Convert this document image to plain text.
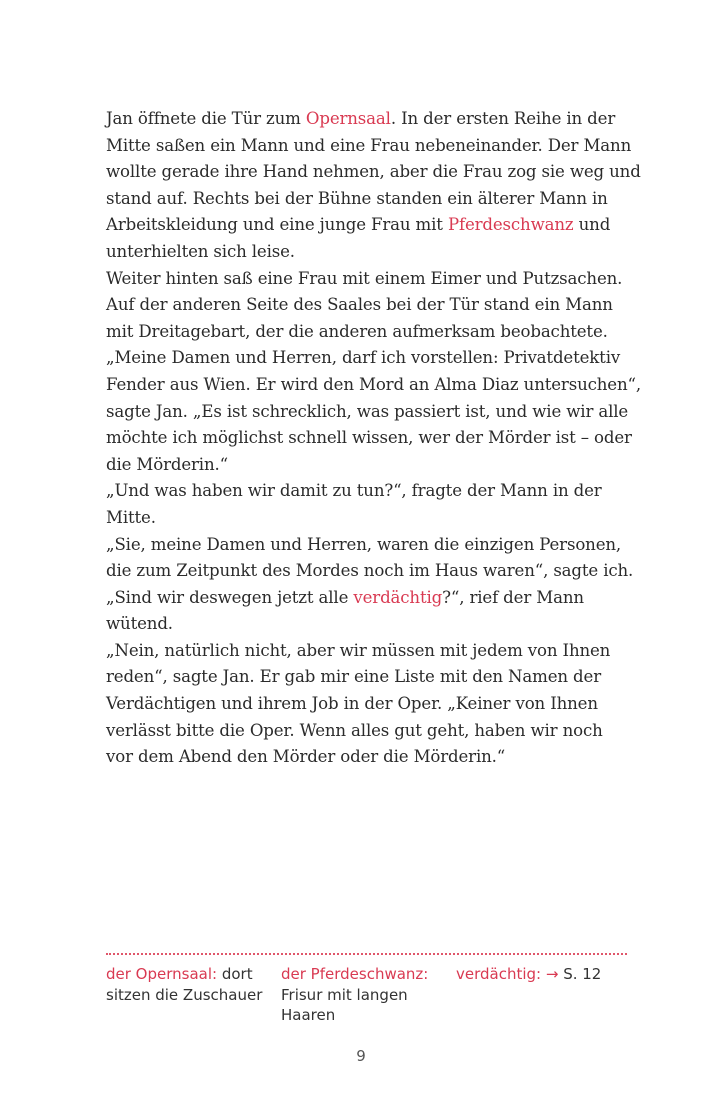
Jan öffnete die Tür zum Opernsaal. In der ersten Reihe in der

Mitte saßen ein Mann und eine Frau nebeneinander. Der Mann

wollte gerade ihre Hand nehmen, aber die Frau zog sie weg und

stand auf. Rechts bei der Bühne standen ein älterer Mann in

Arbeitskleidung und eine junge Frau mit Pferdeschwanz und

unterhielten sich leise.

Weiter hinten saß eine Frau mit einem Eimer und Putzsachen.

Auf der anderen Seite des Saales bei der Tür stand ein Mann

mit Dreitagebart, der die anderen aufmerksam beobachtete.

„Meine Damen und Herren, darf ich vorstellen: Privatdetektiv

Fender aus Wien. Er wird den Mord an Alma Diaz untersuchen“,

sagte Jan. „Es ist schrecklich, was passiert ist, und wie wir alle

möchte ich möglichst schnell wissen, wer der Mörder ist – oder

die Mörderin.“

„Und was haben wir damit zu tun?“, fragte der Mann in der

Mitte.

„Sie, meine Damen und Herren, waren die einzigen Personen,

die zum Zeitpunkt des Mordes noch im Haus waren“, sagte ich.

„Sind wir deswegen jetzt alle verdächtig?“, rief der Mann

wütend.

„Nein, natürlich nicht, aber wir müssen mit jedem von Ihnen

reden“, sagte Jan. Er gab mir eine Liste mit den Namen der

Verdächtigen und ihrem Job in der Oper. „Keiner von Ihnen

verlässt bitte die Oper. Wenn alles gut geht, haben wir noch

vor dem Abend den Mörder oder die Mörderin.“

der Opernsaal: dort sitzen die Zuschauer
der Pferdeschwanz: Frisur mit langen Haaren
verdächtig: → S. 12
9
